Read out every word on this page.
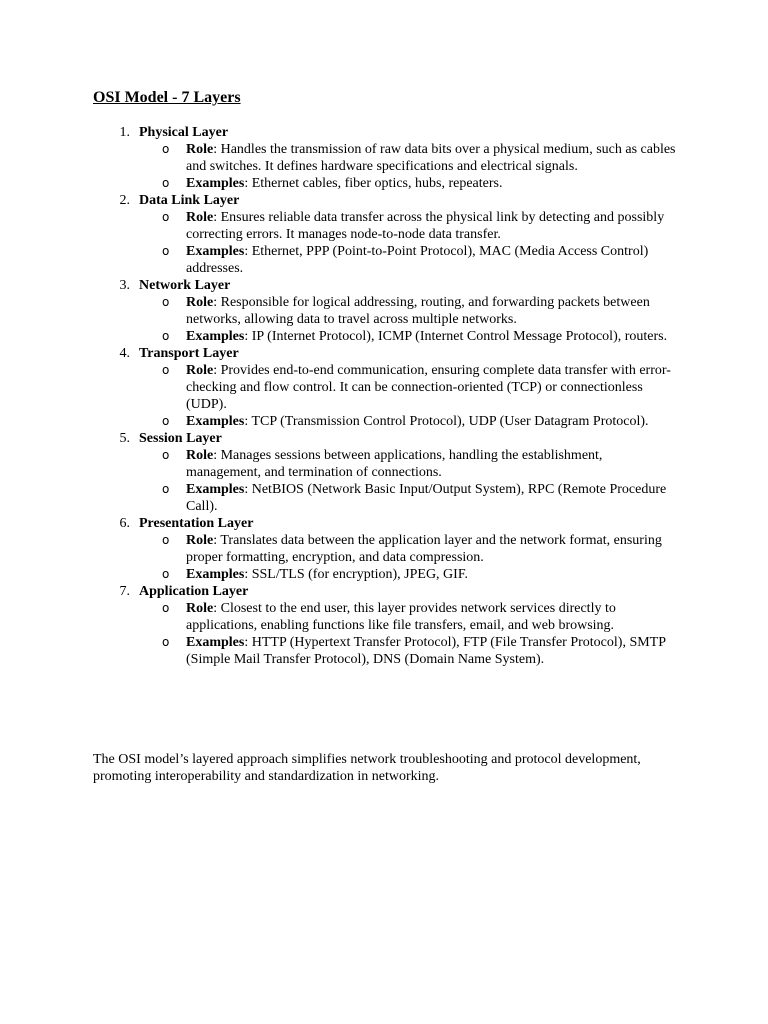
OSI Model - 7 Layers
1. Physical Layer
o Role: Handles the transmission of raw data bits over a physical medium, such as cables and switches. It defines hardware specifications and electrical signals.
o Examples: Ethernet cables, fiber optics, hubs, repeaters.
2. Data Link Layer
o Role: Ensures reliable data transfer across the physical link by detecting and possibly correcting errors. It manages node-to-node data transfer.
o Examples: Ethernet, PPP (Point-to-Point Protocol), MAC (Media Access Control) addresses.
3. Network Layer
o Role: Responsible for logical addressing, routing, and forwarding packets between networks, allowing data to travel across multiple networks.
o Examples: IP (Internet Protocol), ICMP (Internet Control Message Protocol), routers.
4. Transport Layer
o Role: Provides end-to-end communication, ensuring complete data transfer with error-checking and flow control. It can be connection-oriented (TCP) or connectionless (UDP).
o Examples: TCP (Transmission Control Protocol), UDP (User Datagram Protocol).
5. Session Layer
o Role: Manages sessions between applications, handling the establishment, management, and termination of connections.
o Examples: NetBIOS (Network Basic Input/Output System), RPC (Remote Procedure Call).
6. Presentation Layer
o Role: Translates data between the application layer and the network format, ensuring proper formatting, encryption, and data compression.
o Examples: SSL/TLS (for encryption), JPEG, GIF.
7. Application Layer
o Role: Closest to the end user, this layer provides network services directly to applications, enabling functions like file transfers, email, and web browsing.
o Examples: HTTP (Hypertext Transfer Protocol), FTP (File Transfer Protocol), SMTP (Simple Mail Transfer Protocol), DNS (Domain Name System).
The OSI model’s layered approach simplifies network troubleshooting and protocol development, promoting interoperability and standardization in networking.
